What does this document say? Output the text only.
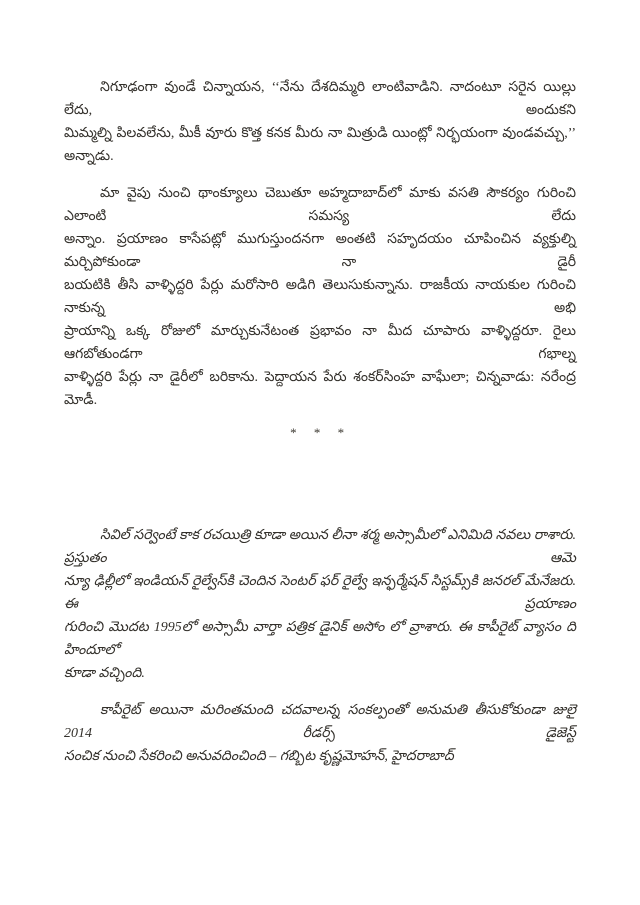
నిగూఢంగా వుండే చిన్నాయన, ‘‘నేను దేశదిమ్మరి లాంటివాడిని. నాదంటూ సరైన యిల్లు లేదు, అందుకని
మిమ్మల్ని పిలవలేను, మీకీ వూరు కొత్త కనక మీరు నా మిత్రుడి యింట్లో నిర్భయంగా వుండవచ్చు,’’ అన్నాడు.
మా వైపు నుంచి థాంక్యూలు చెబుతూ అహ్మదాబాద్‌లో మాకు వసతి సౌకర్యం గురించి ఎలాంటి సమస్య లేదు
అన్నాం. ప్రయాణం కాసేపట్లో ముగుస్తుందనగా అంతటి సహృదయం చూపించిన వ్యక్తుల్ని మర్చిపోకుండా నా డైరీ
బయటికి తీసి వాళ్ళిద్దరి పేర్లు మరోసారి అడిగి తెలుసుకున్నాను. రాజకీయ నాయకుల గురించి నాకున్న అభి
ప్రాయాన్ని ఒక్క రోజులో మార్చుకునేటంత ప్రభావం నా మీద చూపారు వాళ్ళిద్దరూ. రైలు ఆగబోతుండగా గభాల్న
వాళ్ళిద్దరి పేర్లు నా డైరీలో బరికాను. పెద్దాయన పేరు శంకర్‌సింహ వాఘేలా; చిన్నవాడు: నరేంద్ర మోడీ.
* * *
సివిల్ సర్వెంటే కాక రచయిత్రి కూడా అయిన లీనా శర్మ అస్సామీలో ఎనిమిది నవలు రాశారు. ప్రస్తుతం ఆమె
న్యూ ఢిల్లీలో ఇండియన్ రైల్వేస్‌కి చెందిన సెంటర్ ఫర్ రైల్వే ఇన్ఫర్మేషన్ సిస్టమ్స్‌కి జనరల్ మేనేజరు. ఈ ప్రయాణం
గురించి మొదట 1995లో అస్సామీ వార్తా పత్రిక డైనిక్ అసోం లో వ్రాశారు. ఈ కాపీరైట్ వ్యాసం ది హిందూలో
కూడా వచ్చింది.
కాపీరైట్ అయినా మరింతమంది చదవాలన్న సంకల్పంతో అనుమతి తీసుకోకుండా జులై 2014 రీడర్స్ డైజెస్ట్
సంచిక నుంచి సేకరించి అనువదించింది – గబ్బిట కృష్ణమోహన్, హైదరాబాద్
